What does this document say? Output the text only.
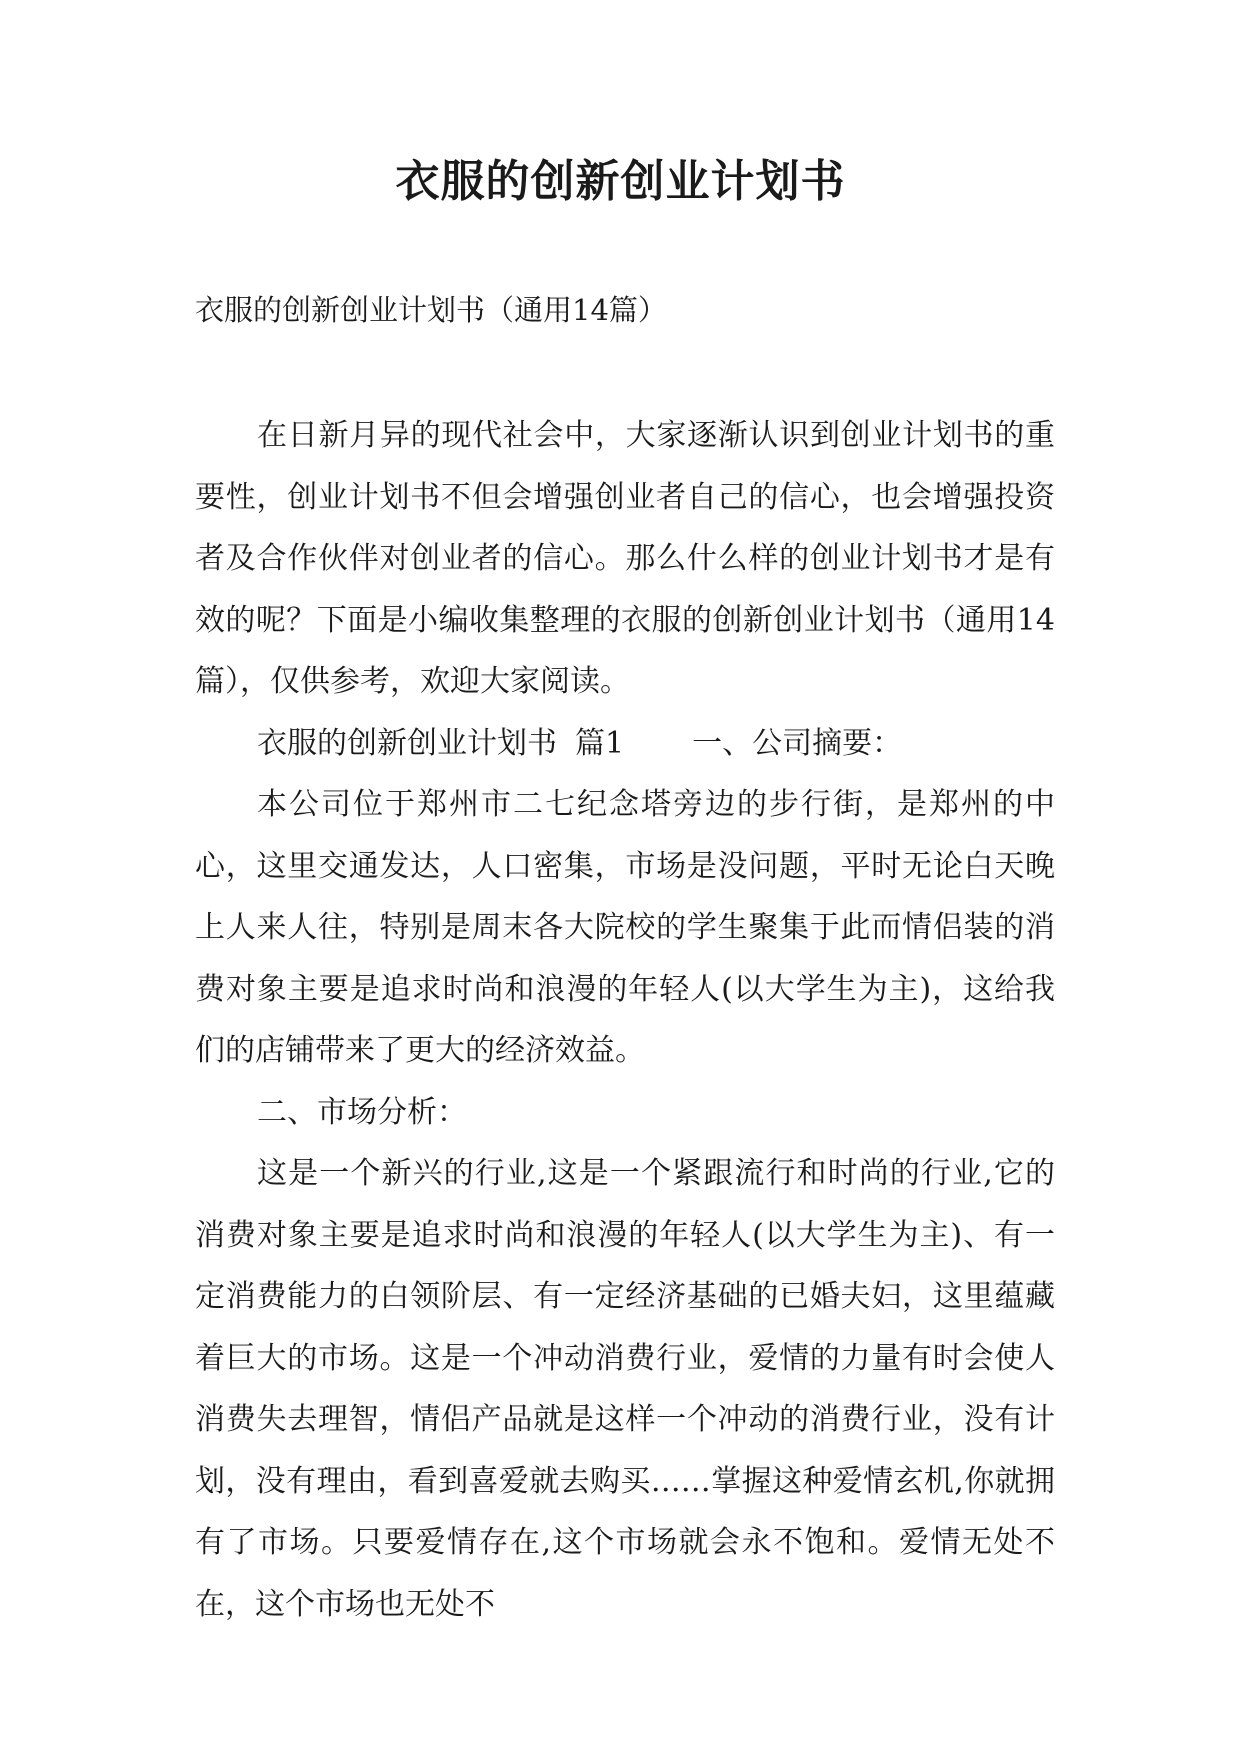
衣服的创新创业计划书
衣服的创新创业计划书（通用14篇）

在日新月异的现代社会中，大家逐渐认识到创业计划书的重要性，创业计划书不但会增强创业者自己的信心，也会增强投资者及合作伙伴对创业者的信心。那么什么样的创业计划书才是有效的呢？下面是小编收集整理的衣服的创新创业计划书（通用14篇），仅供参考，欢迎大家阅读。

衣服的创新创业计划书 篇1 一、公司摘要：

本公司位于郑州市二七纪念塔旁边的步行街，是郑州的中心，这里交通发达，人口密集，市场是没问题，平时无论白天晚上人来人往，特别是周末各大院校的学生聚集于此而情侣装的消费对象主要是追求时尚和浪漫的年轻人(以大学生为主)，这给我们的店铺带来了更大的经济效益。

二、市场分析：

这是一个新兴的行业,这是一个紧跟流行和时尚的行业,它的消费对象主要是追求时尚和浪漫的年轻人(以大学生为主)、有一定消费能力的白领阶层、有一定经济基础的已婚夫妇，这里蕴藏着巨大的市场。这是一个冲动消费行业，爱情的力量有时会使人消费失去理智，情侣产品就是这样一个冲动的消费行业，没有计划，没有理由，看到喜爱就去购买……掌握这种爱情玄机,你就拥有了市场。只要爱情存在,这个市场就会永不饱和。爱情无处不在，这个市场也无处不
